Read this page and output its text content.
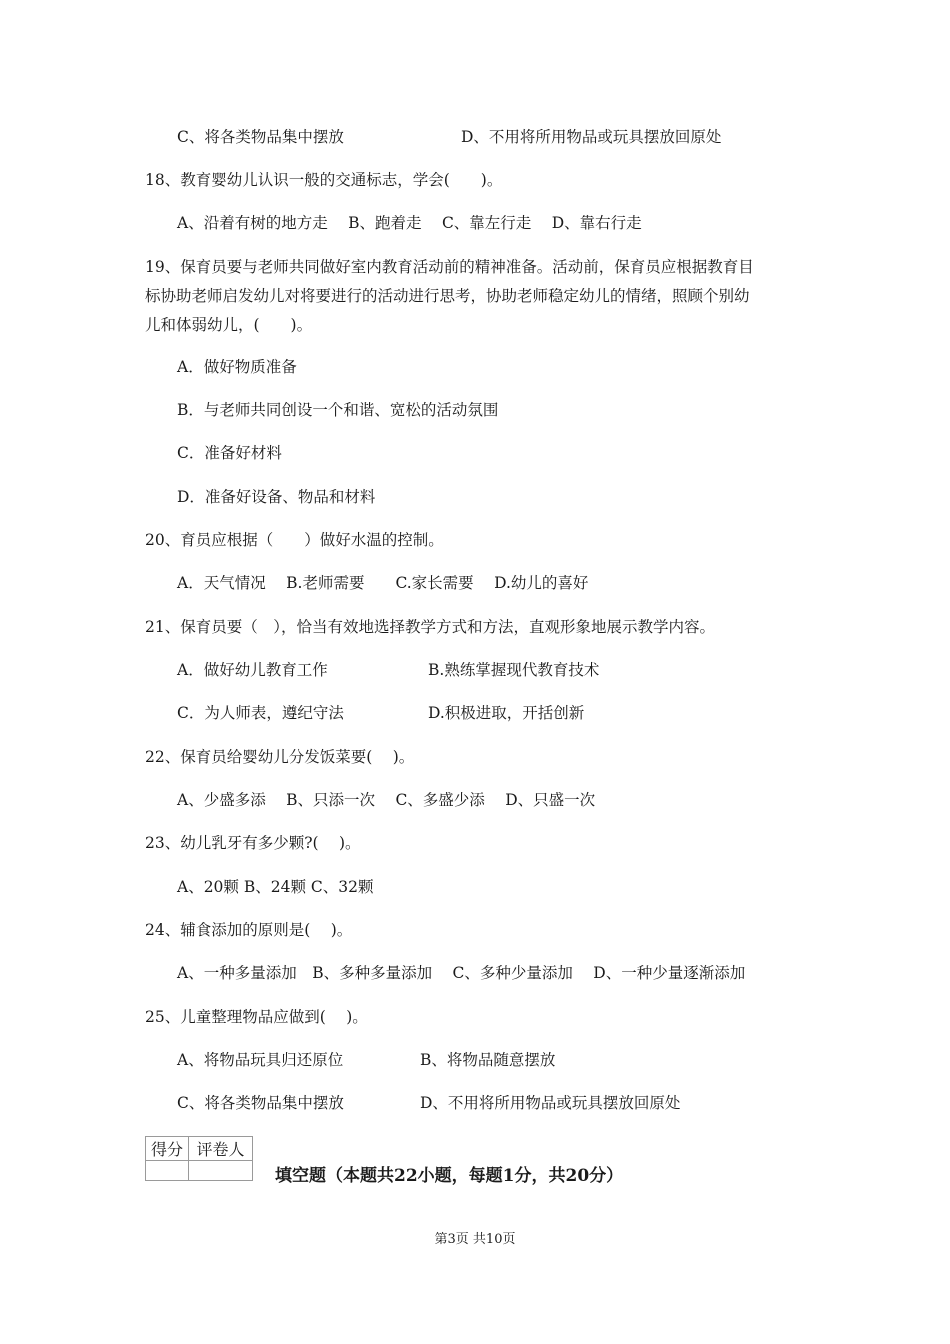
C、将各类物品集中摆放	D、不用将所用物品或玩具摆放回原处
18、教育婴幼儿认识一般的交通标志，学会(　　)。
A、沿着有树的地方走　 B、跑着走　 C、靠左行走　 D、靠右行走
19、保育员要与老师共同做好室内教育活动前的精神准备。活动前，保育员应根据教育目
标协助老师启发幼儿对将要进行的活动进行思考，协助老师稳定幼儿的情绪，照顾个别幼
儿和体弱幼儿，(　　)。
A．做好物质准备
B．与老师共同创设一个和谐、宽松的活动氛围
C．准备好材料
D．准备好设备、物品和材料
20、育员应根据（　　）做好水温的控制。
A．天气情况　 B.老师需要　　C.家长需要　 D.幼儿的喜好
21、保育员要（　），恰当有效地选择教学方式和方法，直观形象地展示教学内容。
A．做好幼儿教育工作	B.熟练掌握现代教育技术
C．为人师表，遵纪守法	D.积极进取，开括创新
22、保育员给婴幼儿分发饭菜要(　 )。
A、少盛多添　 B、只添一次　 C、多盛少添　 D、只盛一次
23、幼儿乳牙有多少颗?(　 )。
A、20颗 B、24颗 C、32颗
24、辅食添加的原则是(　 )。
A、一种多量添加　B、多种多量添加　 C、多种少量添加　 D、一种少量逐渐添加
25、儿童整理物品应做到(　 )。
A、将物品玩具归还原位	B、将物品随意摆放
C、将各类物品集中摆放	D、不用将所用物品或玩具摆放回原处
得分	评卷人

填空题（本题共22小题，每题1分，共20分）
第3页 共10页
